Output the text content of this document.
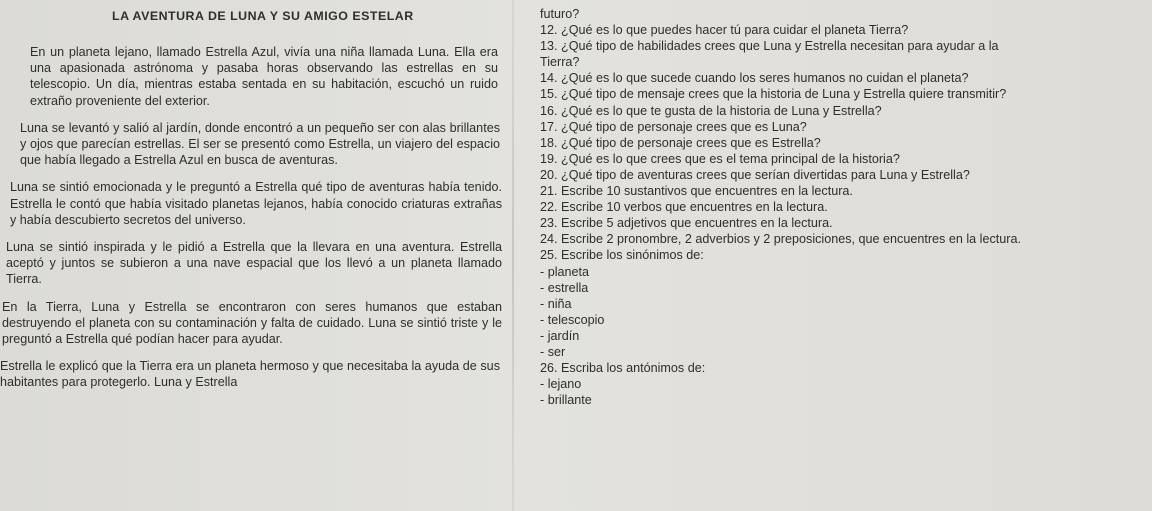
LA AVENTURA DE LUNA Y SU AMIGO ESTELAR

En un planeta lejano, llamado Estrella Azul, vivía una niña llamada Luna. Ella era una apasionada astrónoma y pasaba horas observando las estrellas en su telescopio. Un día, mientras estaba sentada en su habitación, escuchó un ruido extraño proveniente del exterior.

Luna se levantó y salió al jardín, donde encontró a un pequeño ser con alas brillantes y ojos que parecían estrellas. El ser se presentó como Estrella, un viajero del espacio que había llegado a Estrella Azul en busca de aventuras.

Luna se sintió emocionada y le preguntó a Estrella qué tipo de aventuras había tenido. Estrella le contó que había visitado planetas lejanos, había conocido criaturas extrañas y había descubierto secretos del universo.

Luna se sintió inspirada y le pidió a Estrella que la llevara en una aventura. Estrella aceptó y juntos se subieron a una nave espacial que los llevó a un planeta llamado Tierra.

En la Tierra, Luna y Estrella se encontraron con seres humanos que estaban destruyendo el planeta con su contaminación y falta de cuidado. Luna se sintió triste y le preguntó a Estrella qué podían hacer para ayudar.

Estrella le explicó que la Tierra era un planeta hermoso y que necesitaba la ayuda de sus habitantes para protegerlo. Luna y Estrella

futuro?

12. ¿Qué es lo que puedes hacer tú para cuidar el planeta Tierra?

13. ¿Qué tipo de habilidades crees que Luna y Estrella necesitan para ayudar a la Tierra?

14. ¿Qué es lo que sucede cuando los seres humanos no cuidan el planeta?

15. ¿Qué tipo de mensaje crees que la historia de Luna y Estrella quiere transmitir?

16. ¿Qué es lo que te gusta de la historia de Luna y Estrella?

17. ¿Qué tipo de personaje crees que es Luna?

18. ¿Qué tipo de personaje crees que es Estrella?

19. ¿Qué es lo que crees que es el tema principal de la historia?

20. ¿Qué tipo de aventuras crees que serían divertidas para Luna y Estrella?

21. Escribe 10 sustantivos que encuentres en la lectura.

22. Escribe 10 verbos que encuentres en la lectura.

23. Escribe 5 adjetivos que encuentres en la lectura.

24. Escribe 2 pronombre, 2 adverbios y 2 preposiciones, que encuentres en la lectura.

25. Escribe los sinónimos de:

- planeta
- estrella
- niña
- telescopio
- jardín
- ser

26. Escriba los antónimos de:

- lejano
- brillante
